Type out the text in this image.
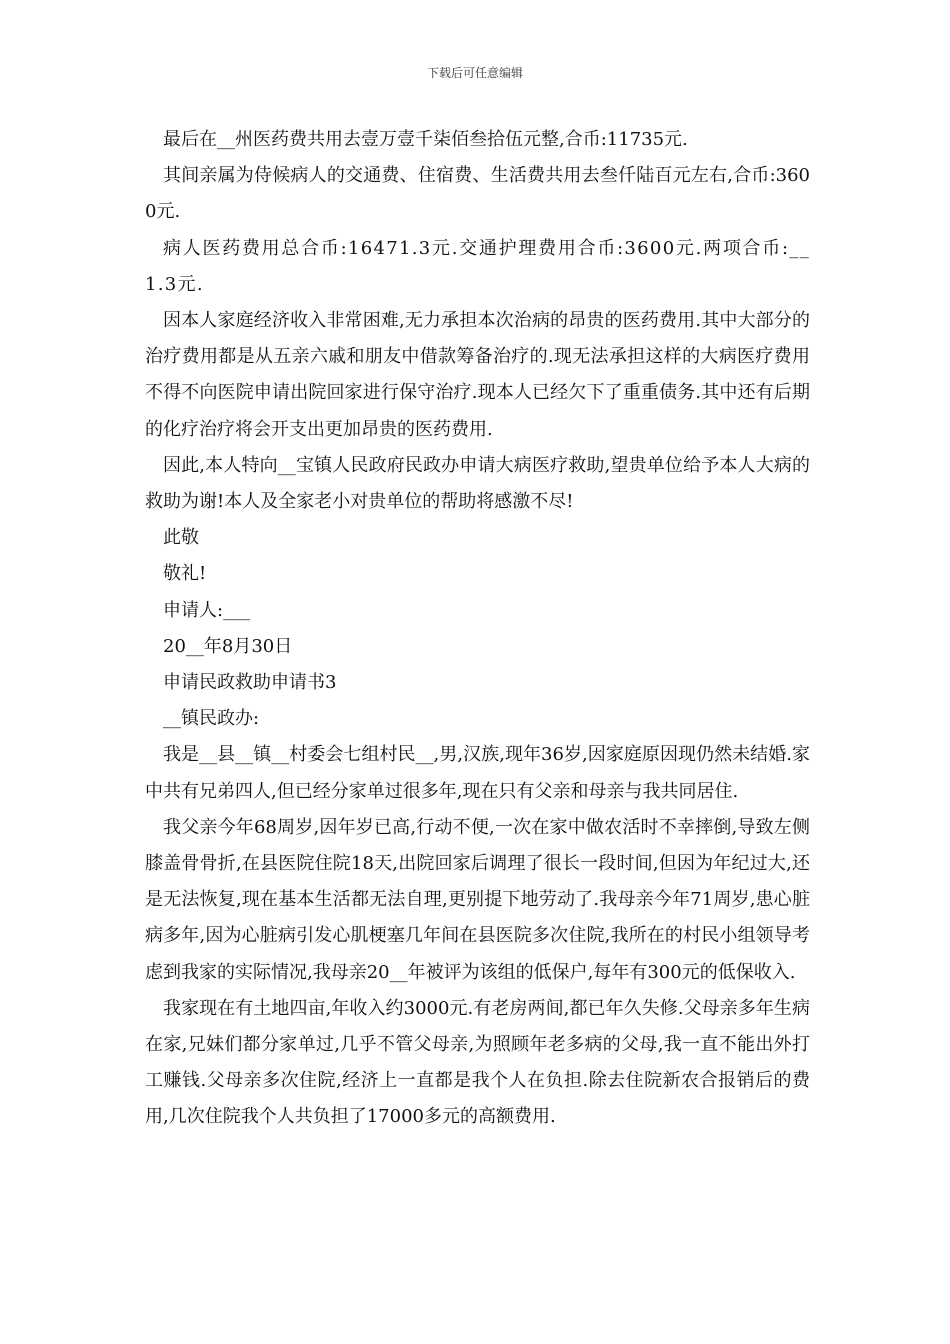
下载后可任意编辑

最后在__州医药费共用去壹万壹千柒佰叁拾伍元整,合币:11735元.

其间亲属为侍候病人的交通费、住宿费、生活费共用去叁仟陆百元左右,合币:3600元.

病人医药费用总合币:16471.3元.交通护理费用合币:3600元.两项合币:__1.3元.

因本人家庭经济收入非常困难,无力承担本次治病的昂贵的医药费用.其中大部分的治疗费用都是从五亲六戚和朋友中借款筹备治疗的.现无法承担这样的大病医疗费用不得不向医院申请出院回家进行保守治疗.现本人已经欠下了重重债务.其中还有后期的化疗治疗将会开支出更加昂贵的医药费用.

因此,本人特向__宝镇人民政府民政办申请大病医疗救助,望贵单位给予本人大病的救助为谢!本人及全家老小对贵单位的帮助将感激不尽!

此敬

敬礼!

申请人:___

20__年8月30日

申请民政救助申请书3

__镇民政办:

我是__县__镇__村委会七组村民__,男,汉族,现年36岁,因家庭原因现仍然未结婚.家中共有兄弟四人,但已经分家单过很多年,现在只有父亲和母亲与我共同居住.

我父亲今年68周岁,因年岁已高,行动不便,一次在家中做农活时不幸摔倒,导致左侧膝盖骨骨折,在县医院住院18天,出院回家后调理了很长一段时间,但因为年纪过大,还是无法恢复,现在基本生活都无法自理,更别提下地劳动了.我母亲今年71周岁,患心脏病多年,因为心脏病引发心肌梗塞几年间在县医院多次住院,我所在的村民小组领导考虑到我家的实际情况,我母亲20__年被评为该组的低保户,每年有300元的低保收入.

我家现在有土地四亩,年收入约3000元.有老房两间,都已年久失修.父母亲多年生病在家,兄妹们都分家单过,几乎不管父母亲,为照顾年老多病的父母,我一直不能出外打工赚钱.父母亲多次住院,经济上一直都是我个人在负担.除去住院新农合报销后的费用,几次住院我个人共负担了17000多元的高额费用.
